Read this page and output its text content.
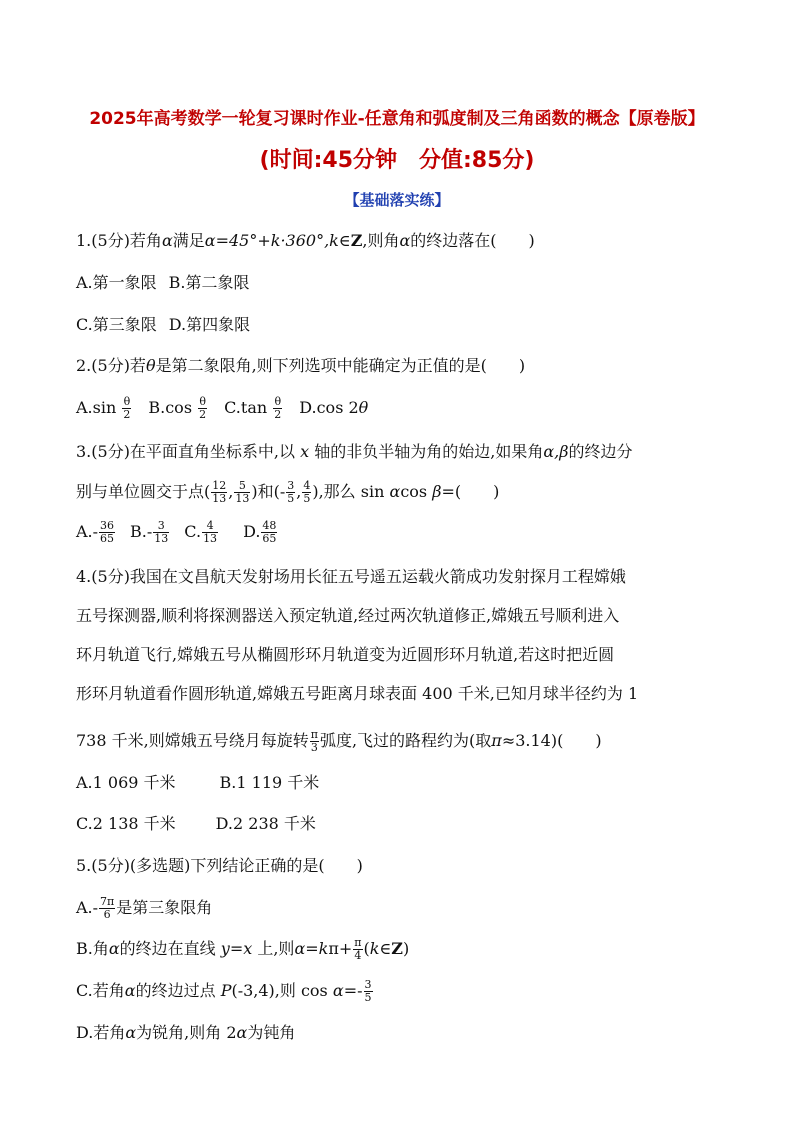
2025年高考数学一轮复习课时作业-任意角和弧度制及三角函数的概念【原卷版】
(时间:45分钟　分值:85分)
【基础落实练】
1.(5分)若角α满足α=45°+k·360°,k∈Z,则角α的终边落在(　　)
A.第一象限 B.第二象限
C.第三象限 D.第四象限
2.(5分)若θ是第二象限角,则下列选项中能确定为正值的是(　　)
$A.\sin \frac{\theta}{2} B.\cos \frac{\theta}{2} C.\tan \frac{\theta}{2} D.\cos$ 2θ
3.(5分)在平面直角坐标系中,以 x 轴的非负半轴为角的始边,如果角α,β的终边分
别与单位圆交于点( $\frac{12}{13}$ , $\frac{5}{13}$ )和(- $\frac{3}{5}$ , $\frac{4}{5}$ ),那么 sin αcos β=(　　)
$A.- \frac{36}{65} B.- \frac{3}{13} C$. $\frac{4}{13} D$. $\frac{48}{65}$
4.(5分)我国在文昌航天发射场用长征五号遥五运载火箭成功发射探月工程嫦娥
五号探测器,顺利将探测器送入预定轨道,经过两次轨道修正,嫦娥五号顺利进入
环月轨道飞行,嫦娥五号从椭圆形环月轨道变为近圆形环月轨道,若这时把近圆
形环月轨道看作圆形轨道,嫦娥五号距离月球表面 400 千米,已知月球半径约为 1
738 千米,则嫦娥五号绕月每旋转 $\frac{\pi}{3}$ 弧度,飞过的路程约为(取π≈3.14)(　　)
A.1 069 千米	B.1 119 千米
C.2 138 千米	D.2 238 千米
5.(5分)(多选题)下列结论正确的是(　　)
$A.- \frac{7\pi}{6}$ 是第三象限角
B.角α的终边在直线 y=x 上,则$\alpha=k\pi+ \frac{\pi}{4}$ (k∈Z)
C.若角α的终边过点 P(-3,4),则 $\cos \alpha=- \frac{3}{5}$
D.若角α为锐角,则角 2α为钝角
